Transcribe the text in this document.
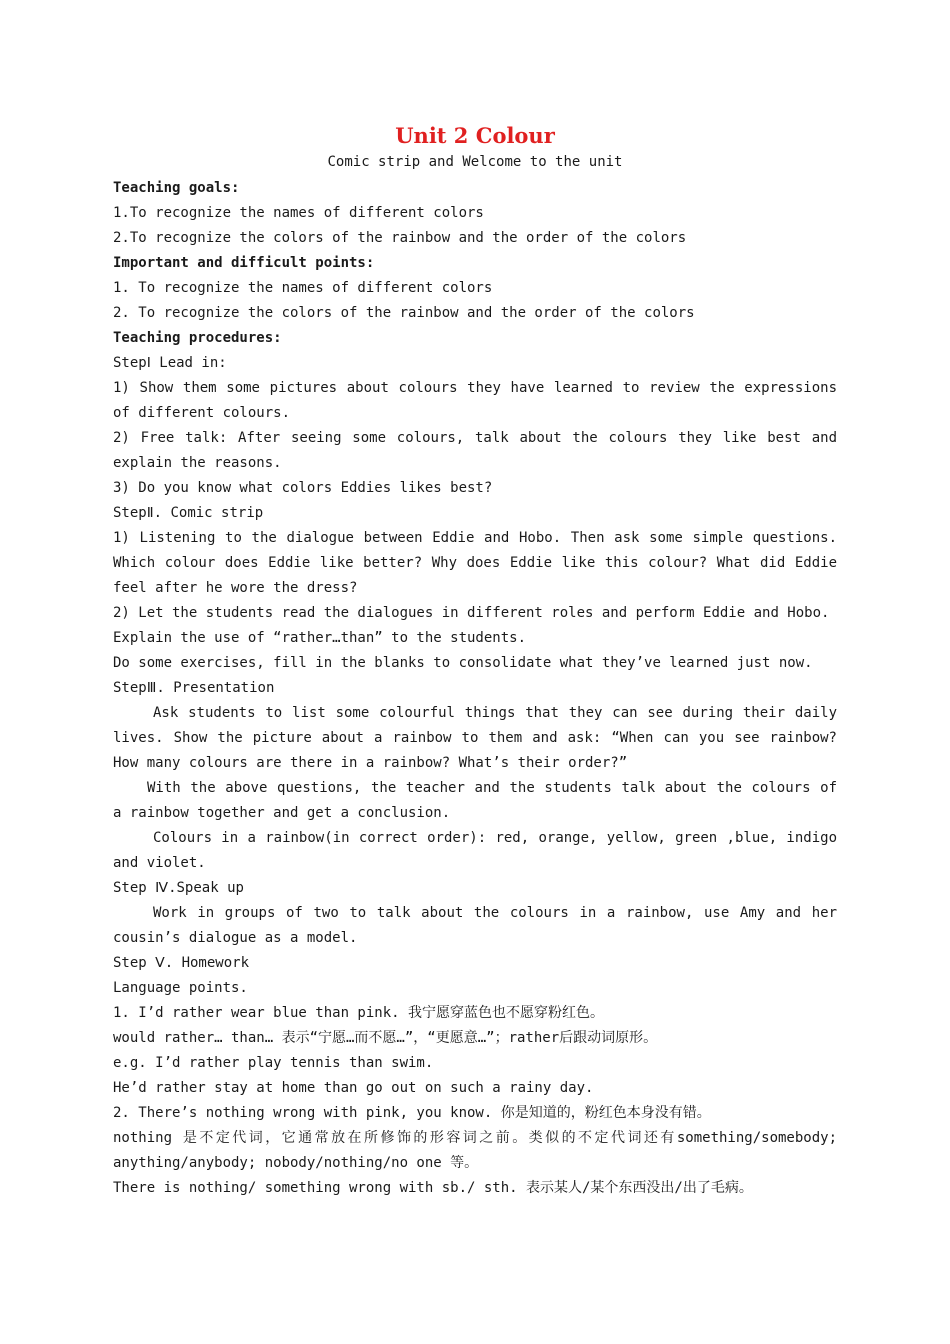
Unit 2 Colour
Comic strip and Welcome to the unit

Teaching goals:

1.To recognize the names of different colors

2.To recognize the colors of the rainbow and the order of the colors

Important and difficult points:

1. To recognize the names of different colors

2. To recognize the colors of the rainbow and the order of the colors

Teaching procedures:

StepⅠ Lead in:

1) Show them some pictures about colours they have learned to review the expressions of different colours.

2) Free talk: After seeing some colours, talk about the colours they like best and explain the reasons.

3) Do you know what colors Eddies likes best?

StepⅡ. Comic strip

1) Listening to the dialogue between Eddie and Hobo. Then ask some simple questions. Which colour does Eddie like better? Why does Eddie like this colour? What did Eddie feel after he wore the dress?

2) Let the students read the dialogues in different roles and perform Eddie and Hobo.

Explain the use of “rather…than” to the students.

Do some exercises, fill in the blanks to consolidate what they’ve learned just now.

StepⅢ. Presentation

Ask students to list some colourful things that they can see during their daily lives. Show the picture about a rainbow to them and ask: “When can you see rainbow? How many colours are there in a rainbow? What’s their order?”

With the above questions, the teacher and the students talk about the colours of a rainbow together and get a conclusion.

Colours in a rainbow(in correct order): red, orange, yellow, green ,blue, indigo and violet.

Step Ⅳ.Speak up

Work in groups of two to talk about the colours in a rainbow, use Amy and her cousin’s dialogue as a model.

Step Ⅴ. Homework

Language points.

1. I’d rather wear blue than pink. 我宁愿穿蓝色也不愿穿粉红色。

would rather… than… 表示“宁愿…而不愿…”，“更愿意…”；rather后跟动词原形。

e.g. I’d rather play tennis than swim.

He’d rather stay at home than go out on such a rainy day.

2. There’s nothing wrong with pink, you know. 你是知道的，粉红色本身没有错。

nothing 是不定代词，它通常放在所修饰的形容词之前。类似的不定代词还有something/somebody; anything/anybody; nobody/nothing/no one 等。

There is nothing/ something wrong with sb./ sth. 表示某人/某个东西没出/出了毛病。
